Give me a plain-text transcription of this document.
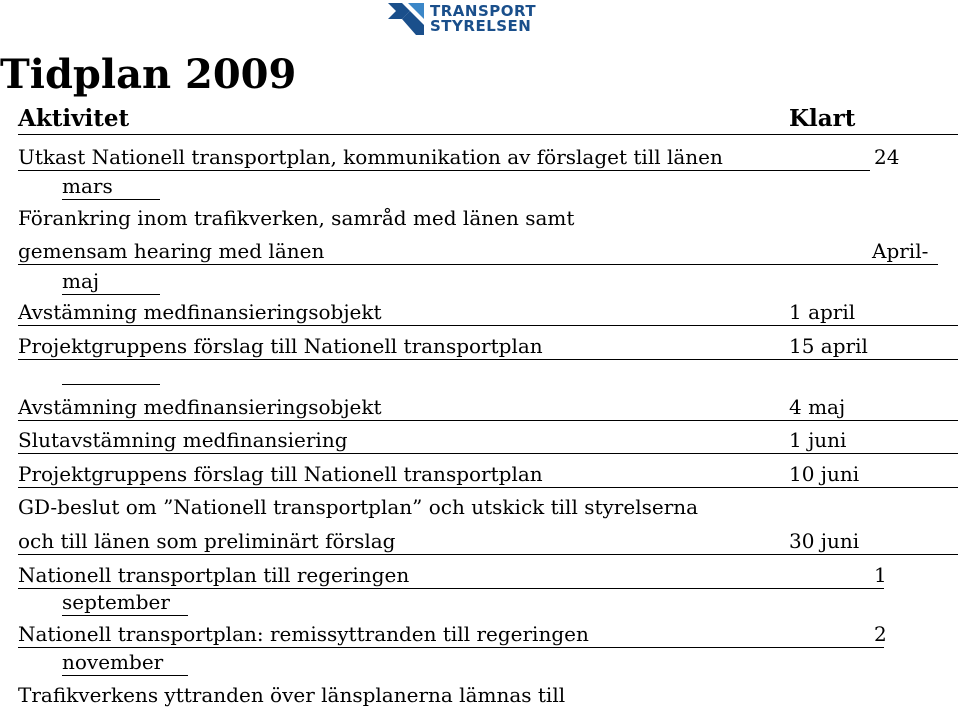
TRANSPORT
STYRELSEN
Tidplan 2009
Aktivitet	Klart
Utkast Nationell transportplan, kommunikation av förslaget till länen	24
mars
Förankring inom trafikverken, samråd med länen samt
gemensam hearing med länen	April-
maj
Avstämning medfinansieringsobjekt	1 april
Projektgruppens förslag till Nationell transportplan	15 april
Avstämning medfinansieringsobjekt	4 maj
Slutavstämning medfinansiering	1 juni
Projektgruppens förslag till Nationell transportplan	10 juni
GD-beslut om ”Nationell transportplan” och utskick till styrelserna
och till länen som preliminärt förslag	30 juni
Nationell transportplan till regeringen	1
september
Nationell transportplan: remissyttranden till regeringen	2
november
Trafikverkens yttranden över länsplanerna lämnas till
